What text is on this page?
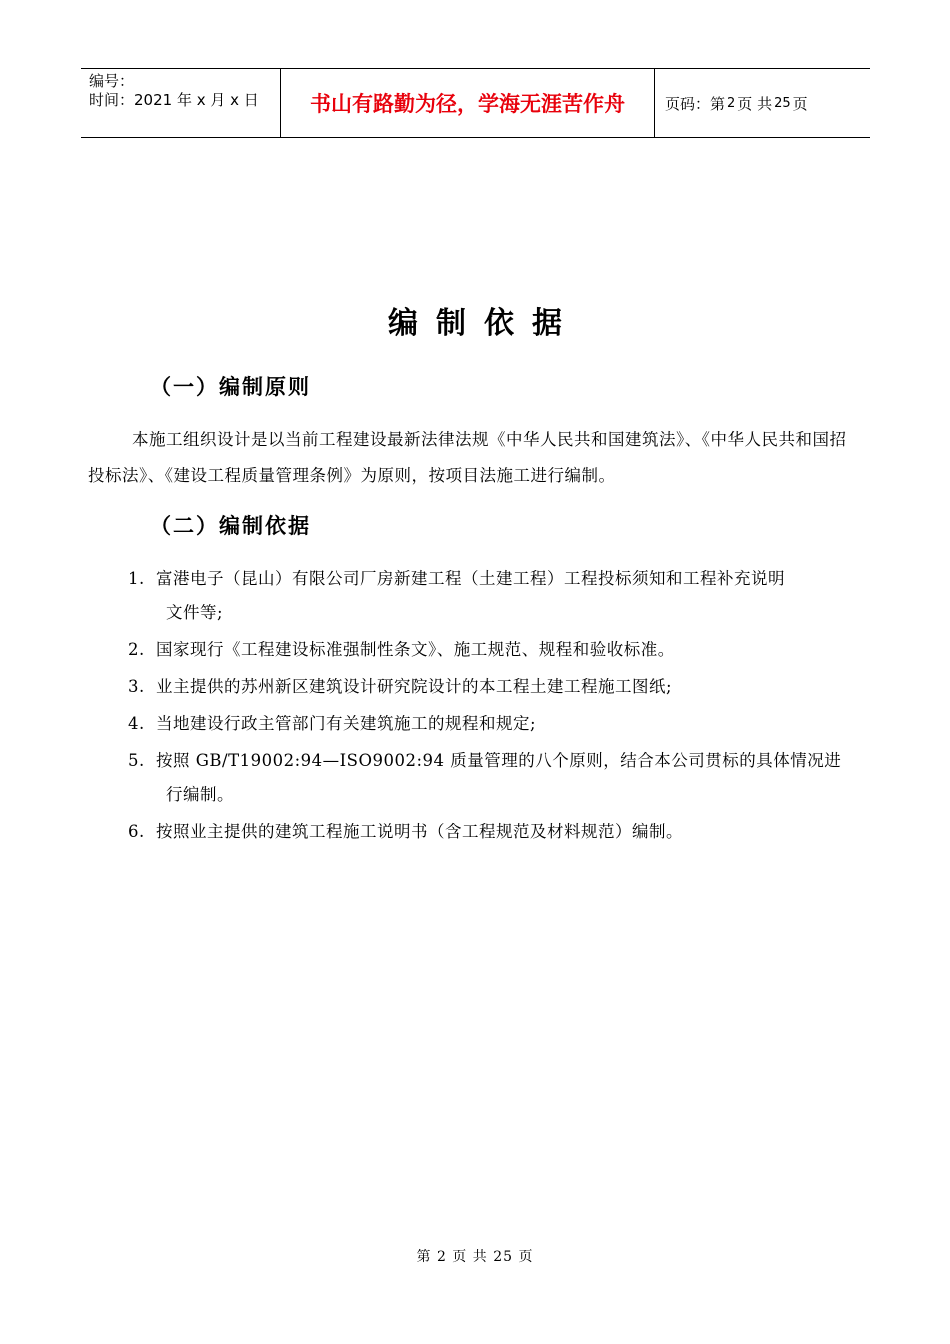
编号：
时间：2021 年 x 月 x 日	书山有路勤为径，学海无涯苦作舟	页码：第 2 页 共 25 页
编制依据
（一）编制原则
本施工组织设计是以当前工程建设最新法律法规《中华人民共和国建筑法》、《中华人民共和国招投标法》、《建设工程质量管理条例》为原则，按项目法施工进行编制。
（二）编制依据
1. 富港电子（昆山）有限公司厂房新建工程（土建工程）工程投标须知和工程补充说明
文件等;
2. 国家现行《工程建设标准强制性条文》、施工规范、规程和验收标准。
3. 业主提供的苏州新区建筑设计研究院设计的本工程土建工程施工图纸;
4. 当地建设行政主管部门有关建筑施工的规程和规定;
5. 按照 GB/T19002:94—ISO9002:94 质量管理的八个原则，结合本公司贯标的具体情况进
行编制。
6. 按照业主提供的建筑工程施工说明书（含工程规范及材料规范）编制。
第 2 页 共 25 页
